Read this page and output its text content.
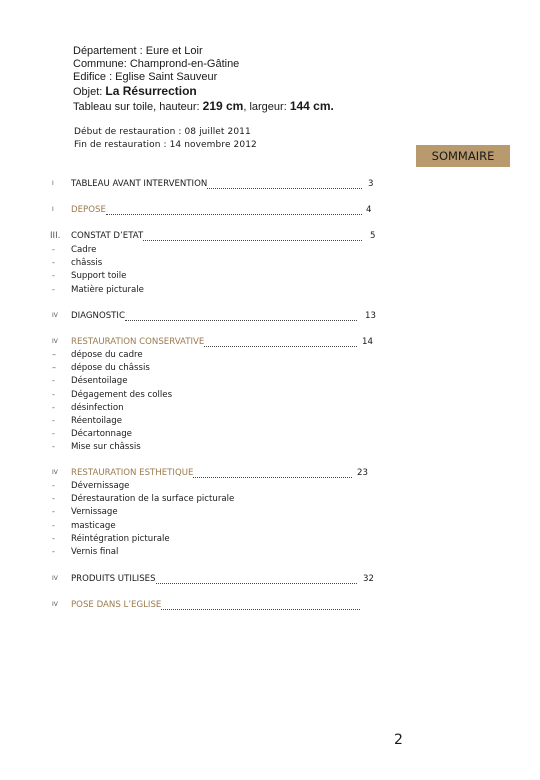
Département : Eure et Loir
Commune: Champrond-en-Gâtine
Edifice : Eglise Saint Sauveur
Objet: La Résurrection
Tableau sur toile, hauteur: 219 cm, largeur: 144 cm.
Début de restauration : 08 juillet 2011
Fin de restauration : 14 novembre 2012
SOMMAIRE
I TABLEAU AVANT INTERVENTION	3
I DEPOSE	4
III. CONSTAT D’ETAT	5
- Cadre
- châssis
- Support toile
- Matière picturale
IV DIAGNOSTIC	13
IV RESTAURATION CONSERVATIVE	14
– dépose du cadre
– dépose du châssis
- Désentoilage
- Dégagement des colles
- désinfection
- Réentoilage
- Décartonnage
- Mise sur châssis
IV RESTAURATION ESTHETIQUE	23
- Dévernissage
- Dérestauration de la surface picturale
- Vernissage
- masticage
- Réintégration picturale
- Vernis final
IV PRODUITS UTILISES	32
IV POSE DANS L’EGLISE
2
